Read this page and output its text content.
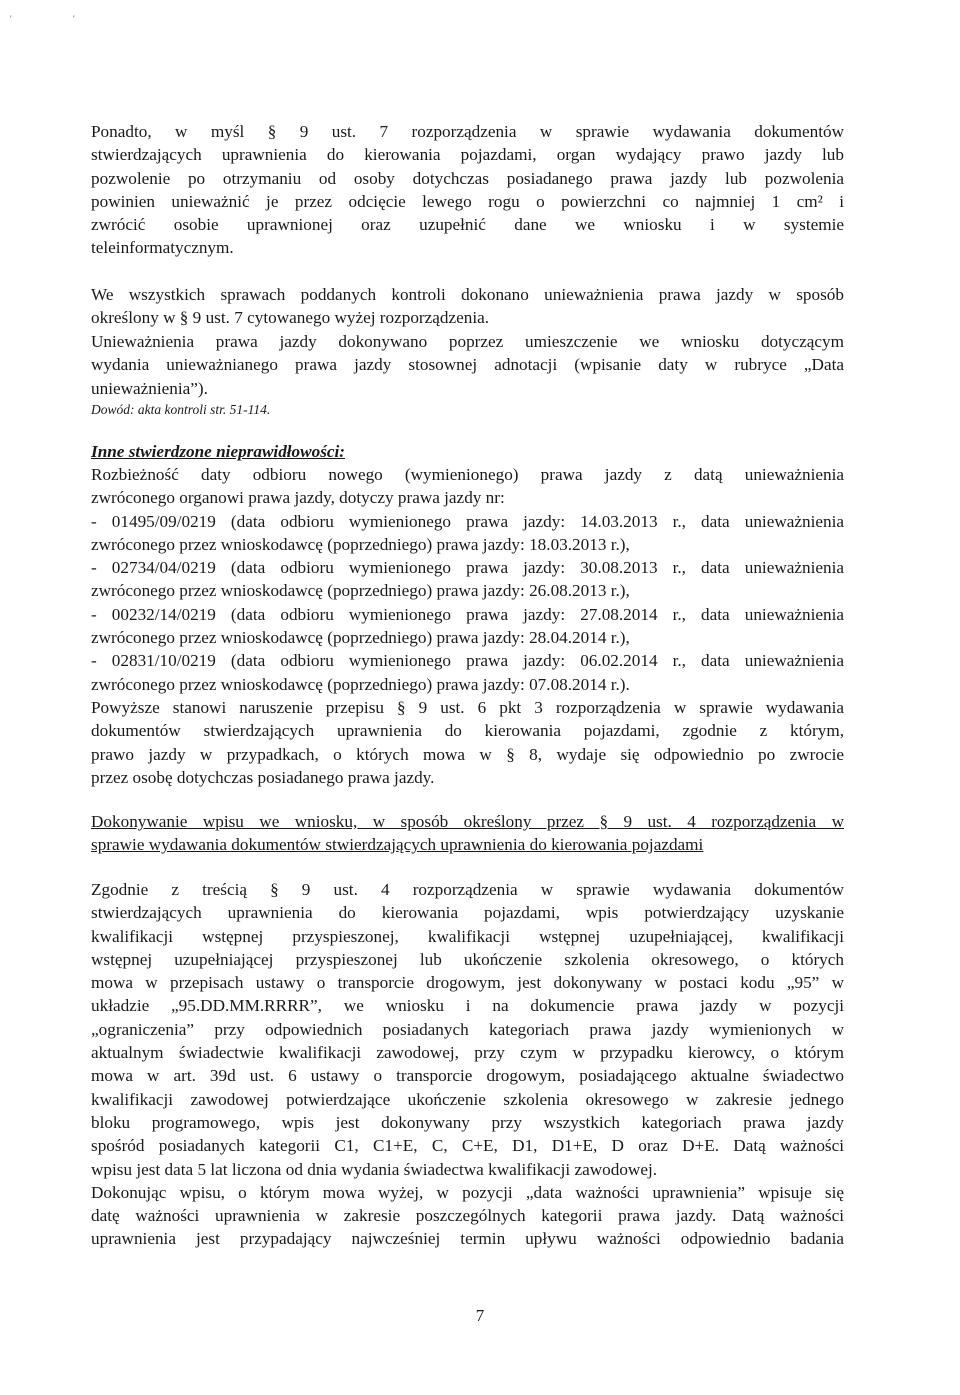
'	'
Ponadto, w myśl § 9 ust. 7 rozporządzenia w sprawie wydawania dokumentów
stwierdzających uprawnienia do kierowania pojazdami, organ wydający prawo jazdy lub
pozwolenie po otrzymaniu od osoby dotychczas posiadanego prawa jazdy lub pozwolenia
powinien unieważnić je przez odcięcie lewego rogu o powierzchni co najmniej 1 cm² i
zwrócić osobie uprawnionej oraz uzupełnić dane we wniosku i w systemie
teleinformatycznym.
We wszystkich sprawach poddanych kontroli dokonano unieważnienia prawa jazdy w sposób
określony w § 9 ust. 7 cytowanego wyżej rozporządzenia.
Unieważnienia prawa jazdy dokonywano poprzez umieszczenie we wniosku dotyczącym
wydania unieważnianego prawa jazdy stosownej adnotacji (wpisanie daty w rubryce „Data
unieważnienia”).
Dowód: akta kontroli str. 51-114.
Inne stwierdzone nieprawidłowości:
Rozbieżność daty odbioru nowego (wymienionego) prawa jazdy z datą unieważnienia
zwróconego organowi prawa jazdy, dotyczy prawa jazdy nr:
- 01495/09/0219 (data odbioru wymienionego prawa jazdy: 14.03.2013 r., data unieważnienia
zwróconego przez wnioskodawcę (poprzedniego) prawa jazdy: 18.03.2013 r.),
- 02734/04/0219 (data odbioru wymienionego prawa jazdy: 30.08.2013 r., data unieważnienia
zwróconego przez wnioskodawcę (poprzedniego) prawa jazdy: 26.08.2013 r.),
- 00232/14/0219 (data odbioru wymienionego prawa jazdy: 27.08.2014 r., data unieważnienia
zwróconego przez wnioskodawcę (poprzedniego) prawa jazdy: 28.04.2014 r.),
- 02831/10/0219 (data odbioru wymienionego prawa jazdy: 06.02.2014 r., data unieważnienia
zwróconego przez wnioskodawcę (poprzedniego) prawa jazdy: 07.08.2014 r.).
Powyższe stanowi naruszenie przepisu § 9 ust. 6 pkt 3 rozporządzenia w sprawie wydawania
dokumentów stwierdzających uprawnienia do kierowania pojazdami, zgodnie z którym,
prawo jazdy w przypadkach, o których mowa w § 8, wydaje się odpowiednio po zwrocie
przez osobę dotychczas posiadanego prawa jazdy.
Dokonywanie wpisu we wniosku, w sposób określony przez § 9 ust. 4 rozporządzenia w
sprawie wydawania dokumentów stwierdzających uprawnienia do kierowania pojazdami
Zgodnie z treścią § 9 ust. 4 rozporządzenia w sprawie wydawania dokumentów
stwierdzających uprawnienia do kierowania pojazdami, wpis potwierdzający uzyskanie
kwalifikacji wstępnej przyspieszonej, kwalifikacji wstępnej uzupełniającej, kwalifikacji
wstępnej uzupełniającej przyspieszonej lub ukończenie szkolenia okresowego, o których
mowa w przepisach ustawy o transporcie drogowym, jest dokonywany w postaci kodu „95” w
układzie „95.DD.MM.RRRR”, we wniosku i na dokumencie prawa jazdy w pozycji
„ograniczenia” przy odpowiednich posiadanych kategoriach prawa jazdy wymienionych w
aktualnym świadectwie kwalifikacji zawodowej, przy czym w przypadku kierowcy, o którym
mowa w art. 39d ust. 6 ustawy o transporcie drogowym, posiadającego aktualne świadectwo
kwalifikacji zawodowej potwierdzające ukończenie szkolenia okresowego w zakresie jednego
bloku programowego, wpis jest dokonywany przy wszystkich kategoriach prawa jazdy
spośród posiadanych kategorii C1, C1+E, C, C+E, D1, D1+E, D oraz D+E. Datą ważności
wpisu jest data 5 lat liczona od dnia wydania świadectwa kwalifikacji zawodowej.
Dokonując wpisu, o którym mowa wyżej, w pozycji „data ważności uprawnienia” wpisuje się
datę ważności uprawnienia w zakresie poszczególnych kategorii prawa jazdy. Datą ważności
uprawnienia jest przypadający najwcześniej termin upływu ważności odpowiednio badania
7
